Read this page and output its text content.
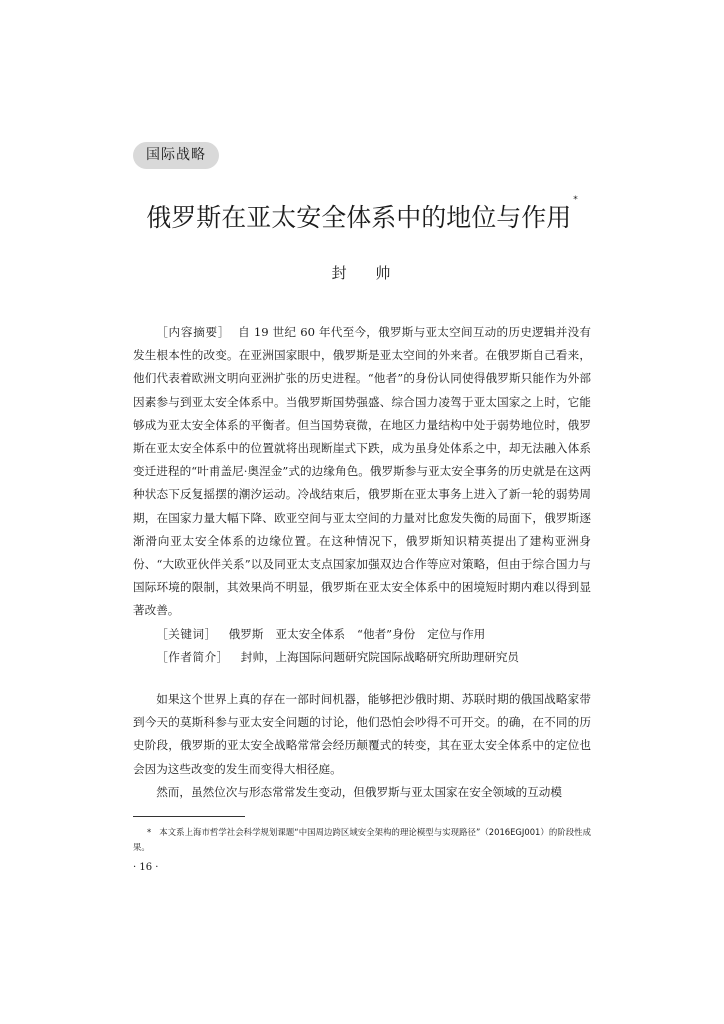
国际战略
俄罗斯在亚太安全体系中的地位与作用*
封 帅

［内容摘要］ 自 19 世纪 60 年代至今，俄罗斯与亚太空间互动的历史逻辑并没有发生根本性的改变。在亚洲国家眼中，俄罗斯是亚太空间的外来者。在俄罗斯自己看来，他们代表着欧洲文明向亚洲扩张的历史进程。“他者”的身份认同使得俄罗斯只能作为外部因素参与到亚太安全体系中。当俄罗斯国势强盛、综合国力凌驾于亚太国家之上时，它能够成为亚太安全体系的平衡者。但当国势衰微，在地区力量结构中处于弱势地位时，俄罗斯在亚太安全体系中的位置就将出现断崖式下跌，成为虽身处体系之中，却无法融入体系变迁进程的“叶甫盖尼·奥涅金”式的边缘角色。俄罗斯参与亚太安全事务的历史就是在这两种状态下反复摇摆的潮汐运动。冷战结束后，俄罗斯在亚太事务上进入了新一轮的弱势周期，在国家力量大幅下降、欧亚空间与亚太空间的力量对比愈发失衡的局面下，俄罗斯逐渐滑向亚太安全体系的边缘位置。在这种情况下，俄罗斯知识精英提出了建构亚洲身份、“大欧亚伙伴关系”以及同亚太支点国家加强双边合作等应对策略，但由于综合国力与国际环境的限制，其效果尚不明显，俄罗斯在亚太安全体系中的困境短时期内难以得到显著改善。

［关键词］ 俄罗斯 亚太安全体系 “他者”身份 定位与作用

［作者简介］ 封帅，上海国际问题研究院国际战略研究所助理研究员

如果这个世界上真的存在一部时间机器，能够把沙俄时期、苏联时期的俄国战略家带到今天的莫斯科参与亚太安全问题的讨论，他们恐怕会吵得不可开交。的确，在不同的历史阶段，俄罗斯的亚太安全战略常常会经历颠覆式的转变，其在亚太安全体系中的定位也会因为这些改变的发生而变得大相径庭。

然而，虽然位次与形态常常发生变动，但俄罗斯与亚太国家在安全领域的互动模

* 本文系上海市哲学社会科学规划课题“中国周边跨区域安全架构的理论模型与实现路径”（2016EGJ001）的阶段性成果。
· 16 ·
